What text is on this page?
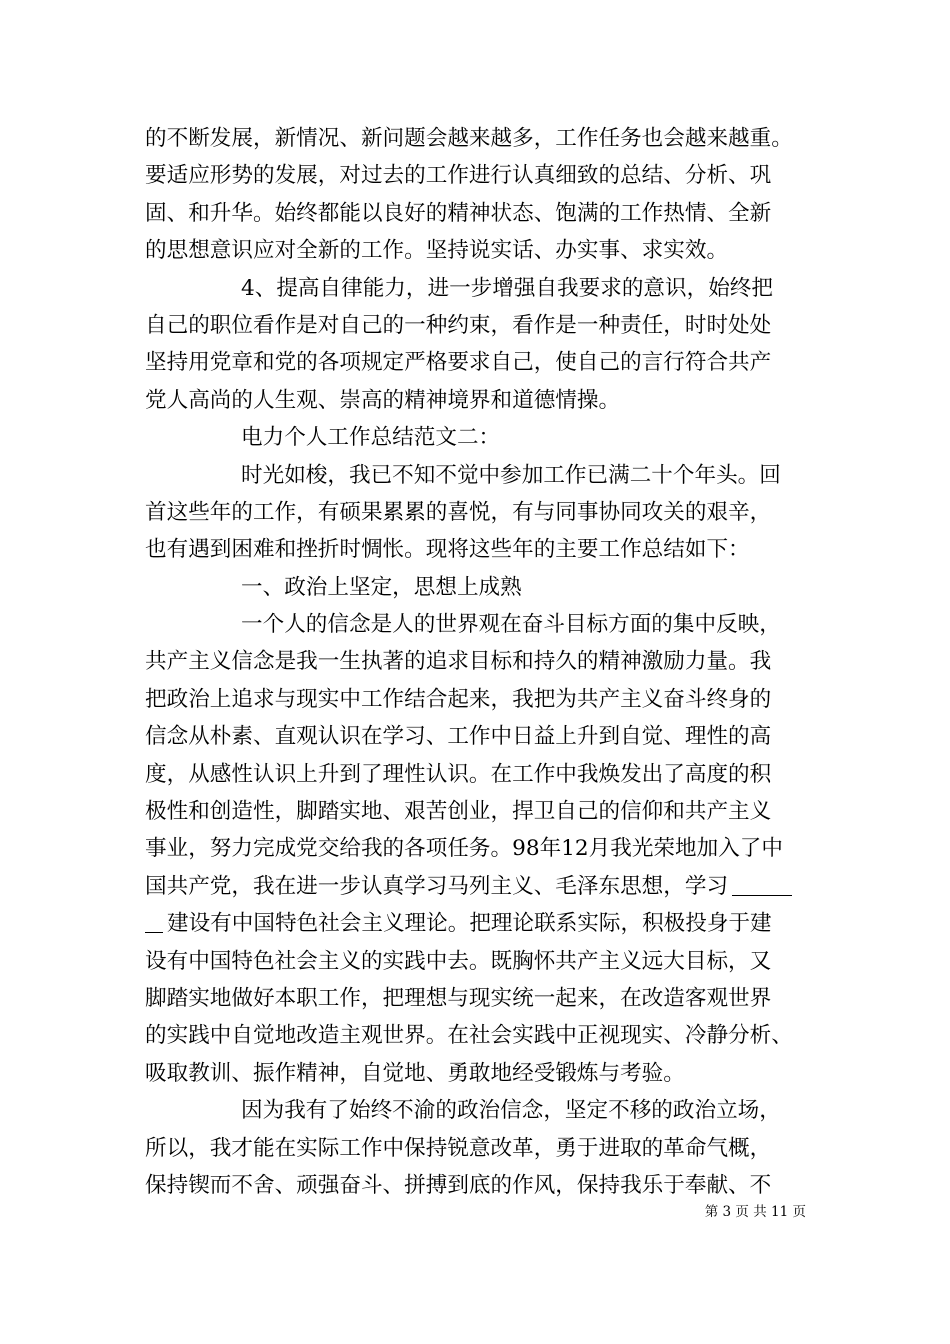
的不断发展，新情况、新问题会越来越多，工作任务也会越来越重。
要适应形势的发展，对过去的工作进行认真细致的总结、分析、巩
固、和升华。始终都能以良好的精神状态、饱满的工作热情、全新
的思想意识应对全新的工作。坚持说实话、办实事、求实效。
4、提高自律能力，进一步增强自我要求的意识，始终把
自己的职位看作是对自己的一种约束，看作是一种责任，时时处处
坚持用党章和党的各项规定严格要求自己，使自己的言行符合共产
党人高尚的人生观、崇高的精神境界和道德情操。
电力个人工作总结范文二：
时光如梭，我已不知不觉中参加工作已满二十个年头。回
首这些年的工作，有硕果累累的喜悦，有与同事协同攻关的艰辛，
也有遇到困难和挫折时惆怅。现将这些年的主要工作总结如下：
一、政治上坚定，思想上成熟
一个人的信念是人的世界观在奋斗目标方面的集中反映，
共产主义信念是我一生执著的追求目标和持久的精神激励力量。我
把政治上追求与现实中工作结合起来，我把为共产主义奋斗终身的
信念从朴素、直观认识在学习、工作中日益上升到自觉、理性的高
度，从感性认识上升到了理性认识。在工作中我焕发出了高度的积
极性和创造性，脚踏实地、艰苦创业，捍卫自己的信仰和共产主义
事业，努力完成党交给我的各项任务。98年12月我光荣地加入了中
国共产党，我在进一步认真学习马列主义、毛泽东思想，学习
建设有中国特色社会主义理论。把理论联系实际，积极投身于建
设有中国特色社会主义的实践中去。既胸怀共产主义远大目标，又
脚踏实地做好本职工作，把理想与现实统一起来，在改造客观世界
的实践中自觉地改造主观世界。在社会实践中正视现实、冷静分析、
吸取教训、振作精神，自觉地、勇敢地经受锻炼与考验。
因为我有了始终不渝的政治信念，坚定不移的政治立场，
所以，我才能在实际工作中保持锐意改革，勇于进取的革命气概，
保持锲而不舍、顽强奋斗、拼搏到底的作风，保持我乐于奉献、不
第 3 页 共 11 页
